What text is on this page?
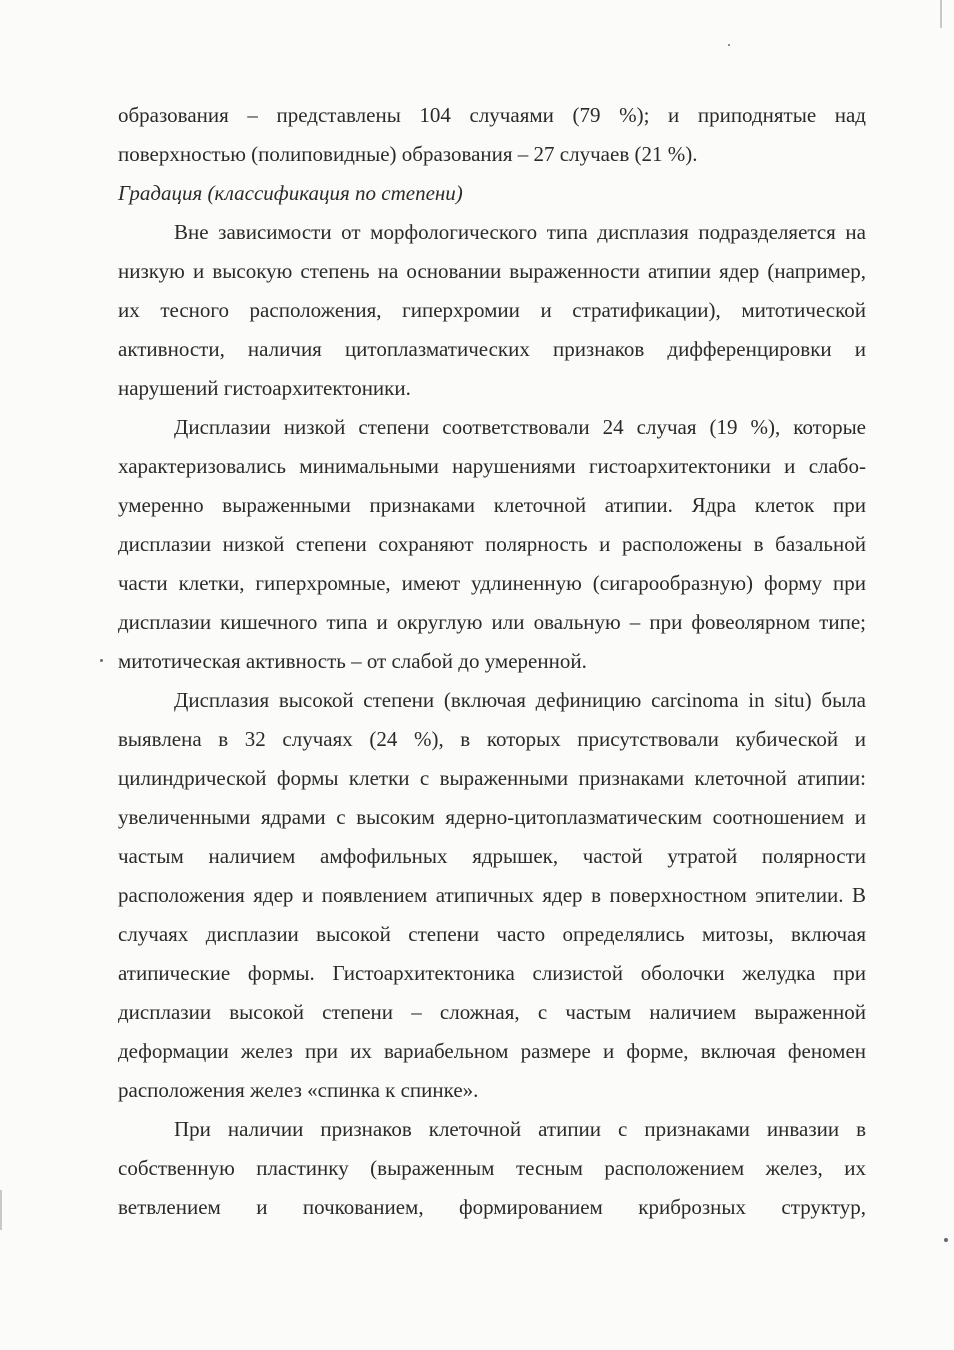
образования – представлены 104 случаями (79 %); и приподнятые над поверхностью (полиповидные) образования – 27 случаев (21 %).

Градация (классификация по степени)

Вне зависимости от морфологического типа дисплазия подразделяется на низкую и высокую степень на основании выраженности атипии ядер (например, их тесного расположения, гиперхромии и стратификации), митотической активности, наличия цитоплазматических признаков дифференцировки и нарушений гистоархитектоники.

Дисплазии низкой степени соответствовали 24 случая (19 %), которые характеризовались минимальными нарушениями гистоархитектоники и слабо-умеренно выраженными признаками клеточной атипии. Ядра клеток при дисплазии низкой степени сохраняют полярность и расположены в базальной части клетки, гиперхромные, имеют удлиненную (сигарообразную) форму при дисплазии кишечного типа и округлую или овальную – при фовеолярном типе; митотическая активность – от слабой до умеренной.

Дисплазия высокой степени (включая дефиницию carcinoma in situ) была выявлена в 32 случаях (24 %), в которых присутствовали кубической и цилиндрической формы клетки с выраженными признаками клеточной атипии: увеличенными ядрами с высоким ядерно-цитоплазматическим соотношением и частым наличием амфофильных ядрышек, частой утратой полярности расположения ядер и появлением атипичных ядер в поверхностном эпителии. В случаях дисплазии высокой степени часто определялись митозы, включая атипические формы. Гистоархитектоника слизистой оболочки желудка при дисплазии высокой степени – сложная, с частым наличием выраженной деформации желез при их вариабельном размере и форме, включая феномен расположения желез «спинка к спинке».

При наличии признаков клеточной атипии с признаками инвазии в собственную пластинку (выраженным тесным расположением желез, их ветвлением и почкованием, формированием криброзных структур,
